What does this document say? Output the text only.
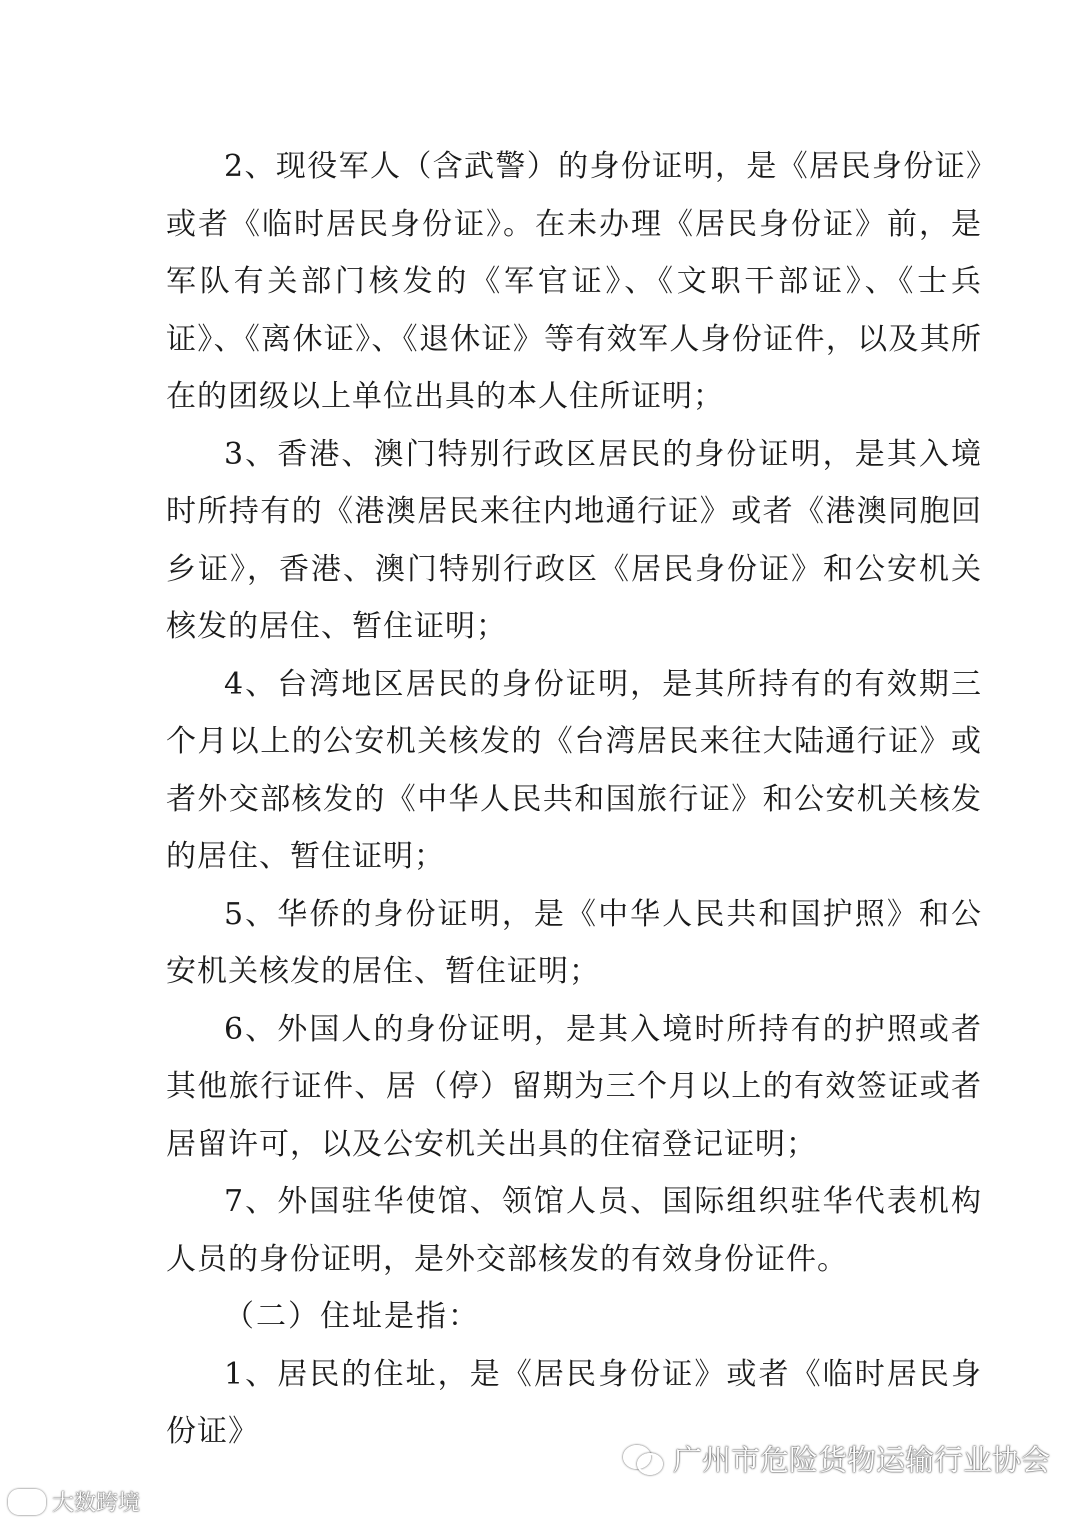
2、现役军人（含武警）的身份证明，是《居民身份证》或者《临时居民身份证》。在未办理《居民身份证》前，是军队有关部门核发的《军官证》、《文职干部证》、《士兵证》、《离休证》、《退休证》等有效军人身份证件，以及其所在的团级以上单位出具的本人住所证明；

3、香港、澳门特别行政区居民的身份证明，是其入境时所持有的《港澳居民来往内地通行证》或者《港澳同胞回乡证》，香港、澳门特别行政区《居民身份证》和公安机关核发的居住、暂住证明；

4、台湾地区居民的身份证明，是其所持有的有效期三个月以上的公安机关核发的《台湾居民来往大陆通行证》或者外交部核发的《中华人民共和国旅行证》和公安机关核发的居住、暂住证明；

5、华侨的身份证明，是《中华人民共和国护照》和公安机关核发的居住、暂住证明；

6、外国人的身份证明，是其入境时所持有的护照或者其他旅行证件、居（停）留期为三个月以上的有效签证或者居留许可，以及公安机关出具的住宿登记证明；

7、外国驻华使馆、领馆人员、国际组织驻华代表机构人员的身份证明，是外交部核发的有效身份证件。

（二）住址是指：

1、居民的住址，是《居民身份证》或者《临时居民身份证》

大数跨境
广州市危险货物运输行业协会
